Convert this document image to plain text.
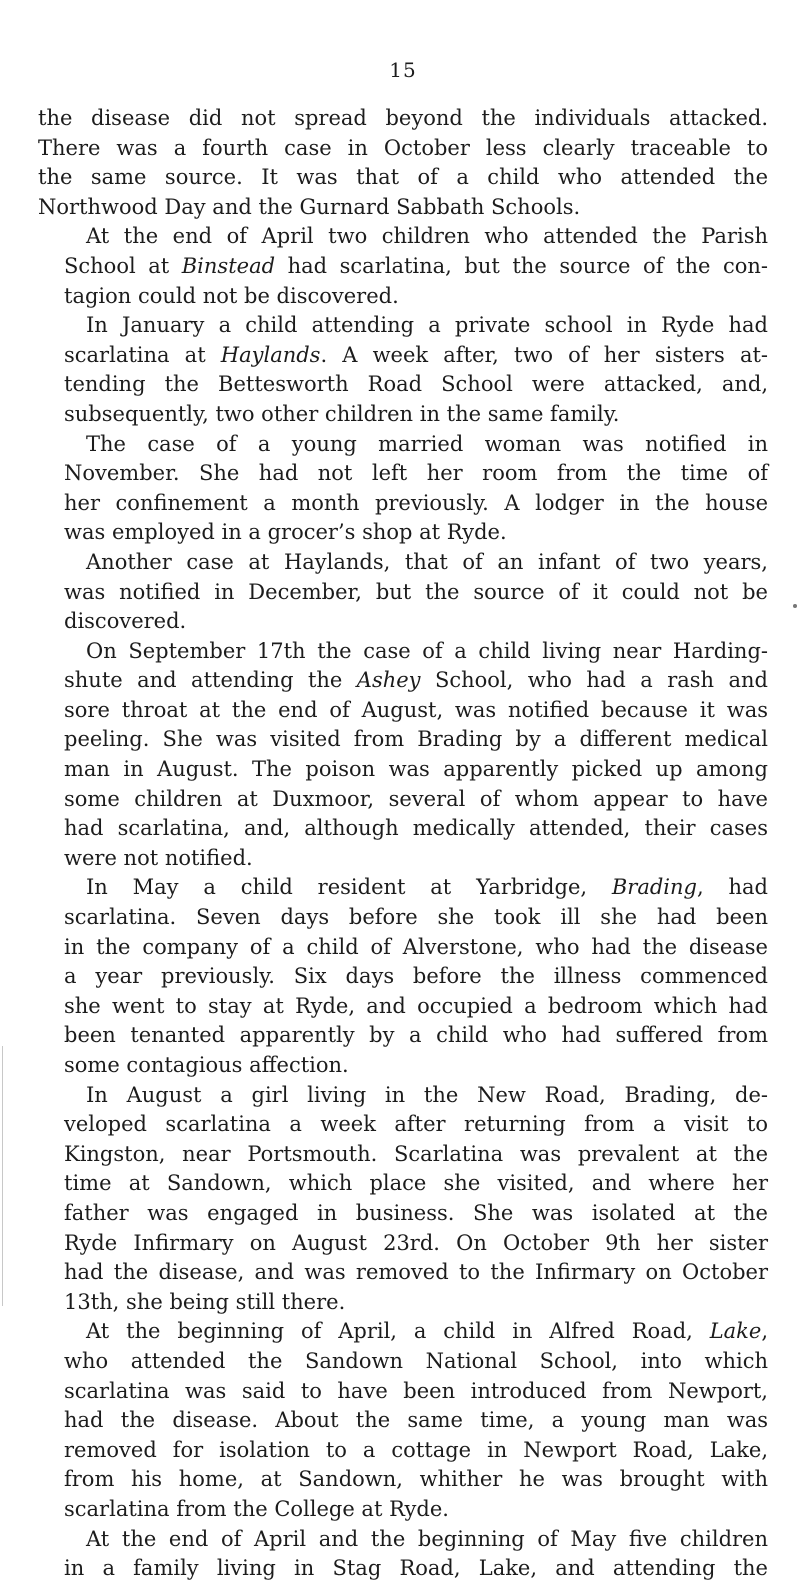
15

the disease did not spread beyond the individuals attacked.
There was a fourth case in October less clearly traceable to
the same source. It was that of a child who attended the
Northwood Day and the Gurnard Sabbath Schools.

At the end of April two children who attended the Parish
School at Binstead had scarlatina, but the source of the con-
tagion could not be discovered.

In January a child attending a private school in Ryde had
scarlatina at Haylands. A week after, two of her sisters at-
tending the Bettesworth Road School were attacked, and,
subsequently, two other children in the same family.

The case of a young married woman was notified in
November. She had not left her room from the time of
her confinement a month previously. A lodger in the house
was employed in a grocer’s shop at Ryde.

Another case at Haylands, that of an infant of two years,
was notified in December, but the source of it could not be
discovered.

On September 17th the case of a child living near Harding-
shute and attending the Ashey School, who had a rash and
sore throat at the end of August, was notified because it was
peeling. She was visited from Brading by a different medical
man in August. The poison was apparently picked up among
some children at Duxmoor, several of whom appear to have
had scarlatina, and, although medically attended, their cases
were not notified.

In May a child resident at Yarbridge, Brading, had
scarlatina. Seven days before she took ill she had been
in the company of a child of Alverstone, who had the disease
a year previously. Six days before the illness commenced
she went to stay at Ryde, and occupied a bedroom which had
been tenanted apparently by a child who had suffered from
some contagious affection.

In August a girl living in the New Road, Brading, de-
veloped scarlatina a week after returning from a visit to
Kingston, near Portsmouth. Scarlatina was prevalent at the
time at Sandown, which place she visited, and where her
father was engaged in business. She was isolated at the
Ryde Infirmary on August 23rd. On October 9th her sister
had the disease, and was removed to the Infirmary on October
13th, she being still there.

At the beginning of April, a child in Alfred Road, Lake,
who attended the Sandown National School, into which
scarlatina was said to have been introduced from Newport,
had the disease. About the same time, a young man was
removed for isolation to a cottage in Newport Road, Lake,
from his home, at Sandown, whither he was brought with
scarlatina from the College at Ryde.

At the end of April and the beginning of May five children
in a family living in Stag Road, Lake, and attending the
